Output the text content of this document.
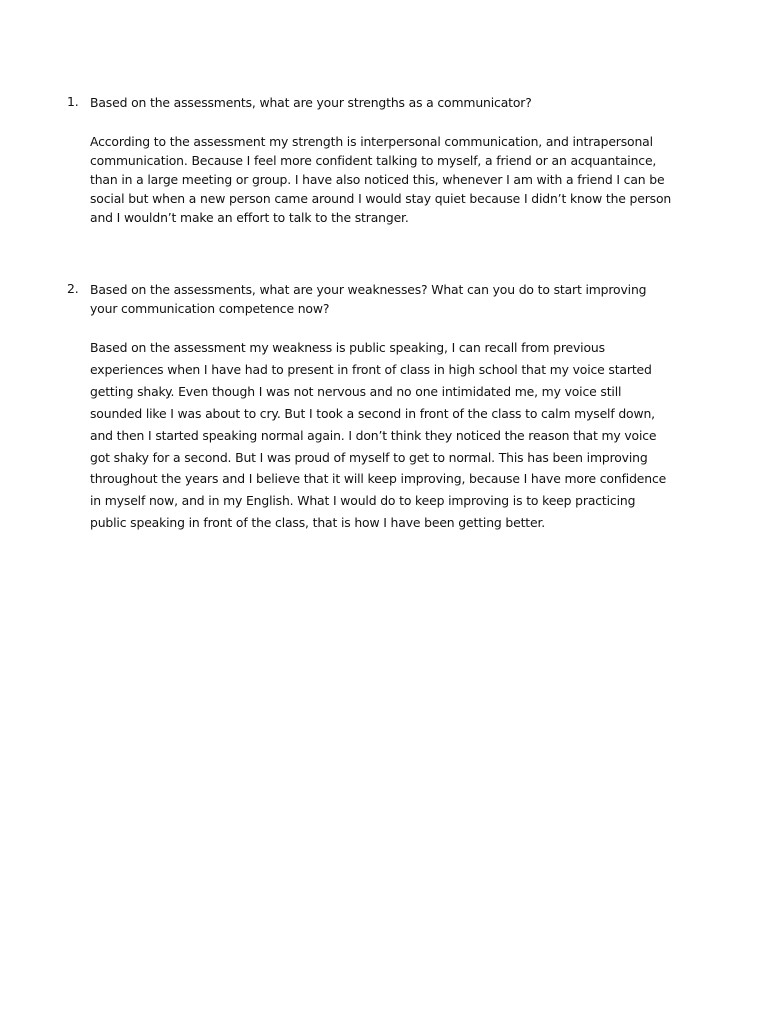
1. Based on the assessments, what are your strengths as a communicator?
According to the assessment my strength is interpersonal communication, and intrapersonal
communication. Because I feel more confident talking to myself, a friend or an acquantaince,
than in a large meeting or group. I have also noticed this, whenever I am with a friend I can be
social but when a new person came around I would stay quiet because I didn’t know the person
and I wouldn’t make an effort to talk to the stranger.
2. Based on the assessments, what are your weaknesses? What can you do to start improving
your communication competence now?
Based on the assessment my weakness is public speaking, I can recall from previous
experiences when I have had to present in front of class in high school that my voice started
getting shaky. Even though I was not nervous and no one intimidated me, my voice still
sounded like I was about to cry. But I took a second in front of the class to calm myself down,
and then I started speaking normal again. I don’t think they noticed the reason that my voice
got shaky for a second. But I was proud of myself to get to normal. This has been improving
throughout the years and I believe that it will keep improving, because I have more confidence
in myself now, and in my English. What I would do to keep improving is to keep practicing
public speaking in front of the class, that is how I have been getting better.
